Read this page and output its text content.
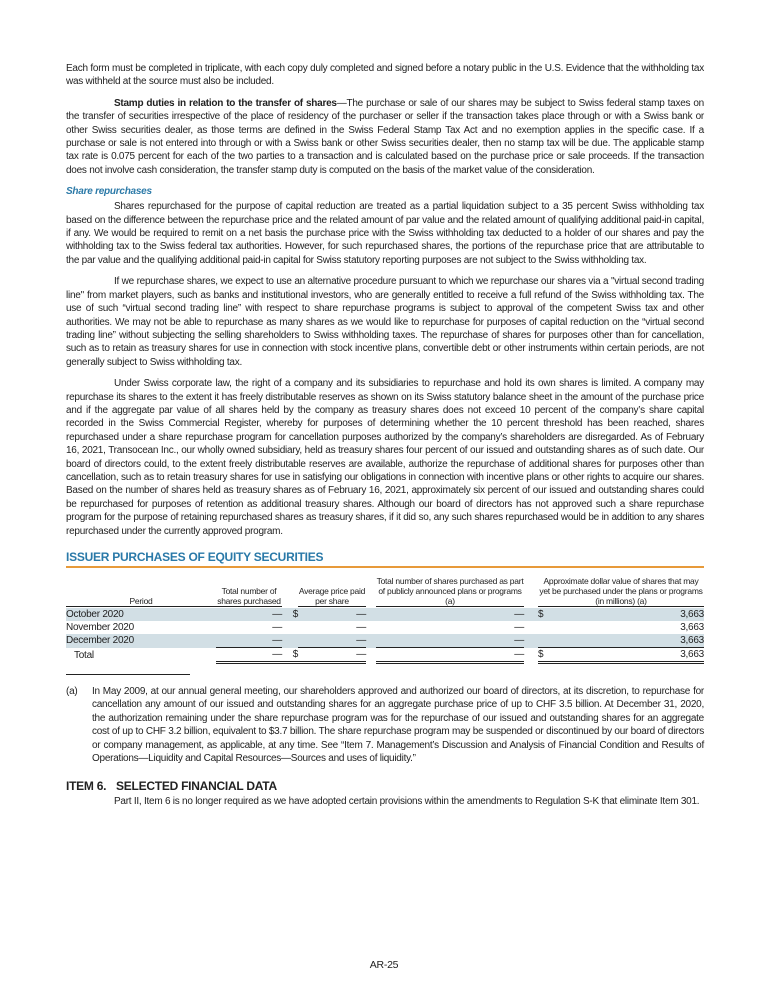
Each form must be completed in triplicate, with each copy duly completed and signed before a notary public in the U.S. Evidence that the withholding tax was withheld at the source must also be included.

Stamp duties in relation to the transfer of shares—The purchase or sale of our shares may be subject to Swiss federal stamp taxes on the transfer of securities irrespective of the place of residency of the purchaser or seller if the transaction takes place through or with a Swiss bank or other Swiss securities dealer, as those terms are defined in the Swiss Federal Stamp Tax Act and no exemption applies in the specific case. If a purchase or sale is not entered into through or with a Swiss bank or other Swiss securities dealer, then no stamp tax will be due. The applicable stamp tax rate is 0.075 percent for each of the two parties to a transaction and is calculated based on the purchase price or sale proceeds. If the transaction does not involve cash consideration, the transfer stamp duty is computed on the basis of the market value of the consideration.

Share repurchases

Shares repurchased for the purpose of capital reduction are treated as a partial liquidation subject to a 35 percent Swiss withholding tax based on the difference between the repurchase price and the related amount of par value and the related amount of qualifying additional paid-in capital, if any. We would be required to remit on a net basis the purchase price with the Swiss withholding tax deducted to a holder of our shares and pay the withholding tax to the Swiss federal tax authorities. However, for such repurchased shares, the portions of the repurchase price that are attributable to the par value and the qualifying additional paid-in capital for Swiss statutory reporting purposes are not subject to the Swiss withholding tax.

If we repurchase shares, we expect to use an alternative procedure pursuant to which we repurchase our shares via a "virtual second trading line" from market players, such as banks and institutional investors, who are generally entitled to receive a full refund of the Swiss withholding tax. The use of such “virtual second trading line” with respect to share repurchase programs is subject to approval of the competent Swiss tax and other authorities. We may not be able to repurchase as many shares as we would like to repurchase for purposes of capital reduction on the “virtual second trading line” without subjecting the selling shareholders to Swiss withholding taxes. The repurchase of shares for purposes other than for cancellation, such as to retain as treasury shares for use in connection with stock incentive plans, convertible debt or other instruments within certain periods, are not generally subject to Swiss withholding tax.

Under Swiss corporate law, the right of a company and its subsidiaries to repurchase and hold its own shares is limited. A company may repurchase its shares to the extent it has freely distributable reserves as shown on its Swiss statutory balance sheet in the amount of the purchase price and if the aggregate par value of all shares held by the company as treasury shares does not exceed 10 percent of the company’s share capital recorded in the Swiss Commercial Register, whereby for purposes of determining whether the 10 percent threshold has been reached, shares repurchased under a share repurchase program for cancellation purposes authorized by the company’s shareholders are disregarded. As of February 16, 2021, Transocean Inc., our wholly owned subsidiary, held as treasury shares four percent of our issued and outstanding shares as of such date. Our board of directors could, to the extent freely distributable reserves are available, authorize the repurchase of additional shares for purposes other than cancellation, such as to retain treasury shares for use in satisfying our obligations in connection with incentive plans or other rights to acquire our shares. Based on the number of shares held as treasury shares as of February 16, 2021, approximately six percent of our issued and outstanding shares could be repurchased for purposes of retention as additional treasury shares. Although our board of directors has not approved such a share repurchase program for the purpose of retaining repurchased shares as treasury shares, if it did so, any such shares repurchased would be in addition to any shares repurchased under the currently approved program.

ISSUER PURCHASES OF EQUITY SECURITIES
Period	Total number of shares purchased		Average price paid per share		Total number of shares purchased as part of publicly announced plans or programs (a)		Approximate dollar value of shares that may yet be purchased under the plans or programs (in millions) (a)	

October 2020	—	$	—		—		$	3,663
November 2020	—		—		—			3,663
December 2020	—		—		—			3,663
Total	—	$	—		—		$	3,663
(a)	In May 2009, at our annual general meeting, our shareholders approved and authorized our board of directors, at its discretion, to repurchase for cancellation any amount of our issued and outstanding shares for an aggregate purchase price of up to CHF 3.5 billion. At December 31, 2020, the authorization remaining under the share repurchase program was for the repurchase of our issued and outstanding shares for an aggregate cost of up to CHF 3.2 billion, equivalent to $3.7 billion. The share repurchase program may be suspended or discontinued by our board of directors or company management, as applicable, at any time. See “Item 7. Management’s Discussion and Analysis of Financial Condition and Results of Operations—Liquidity and Capital Resources—Sources and uses of liquidity.”
ITEM 6. SELECTED FINANCIAL DATA

Part II, Item 6 is no longer required as we have adopted certain provisions within the amendments to Regulation S-K that eliminate Item 301.

AR-25
